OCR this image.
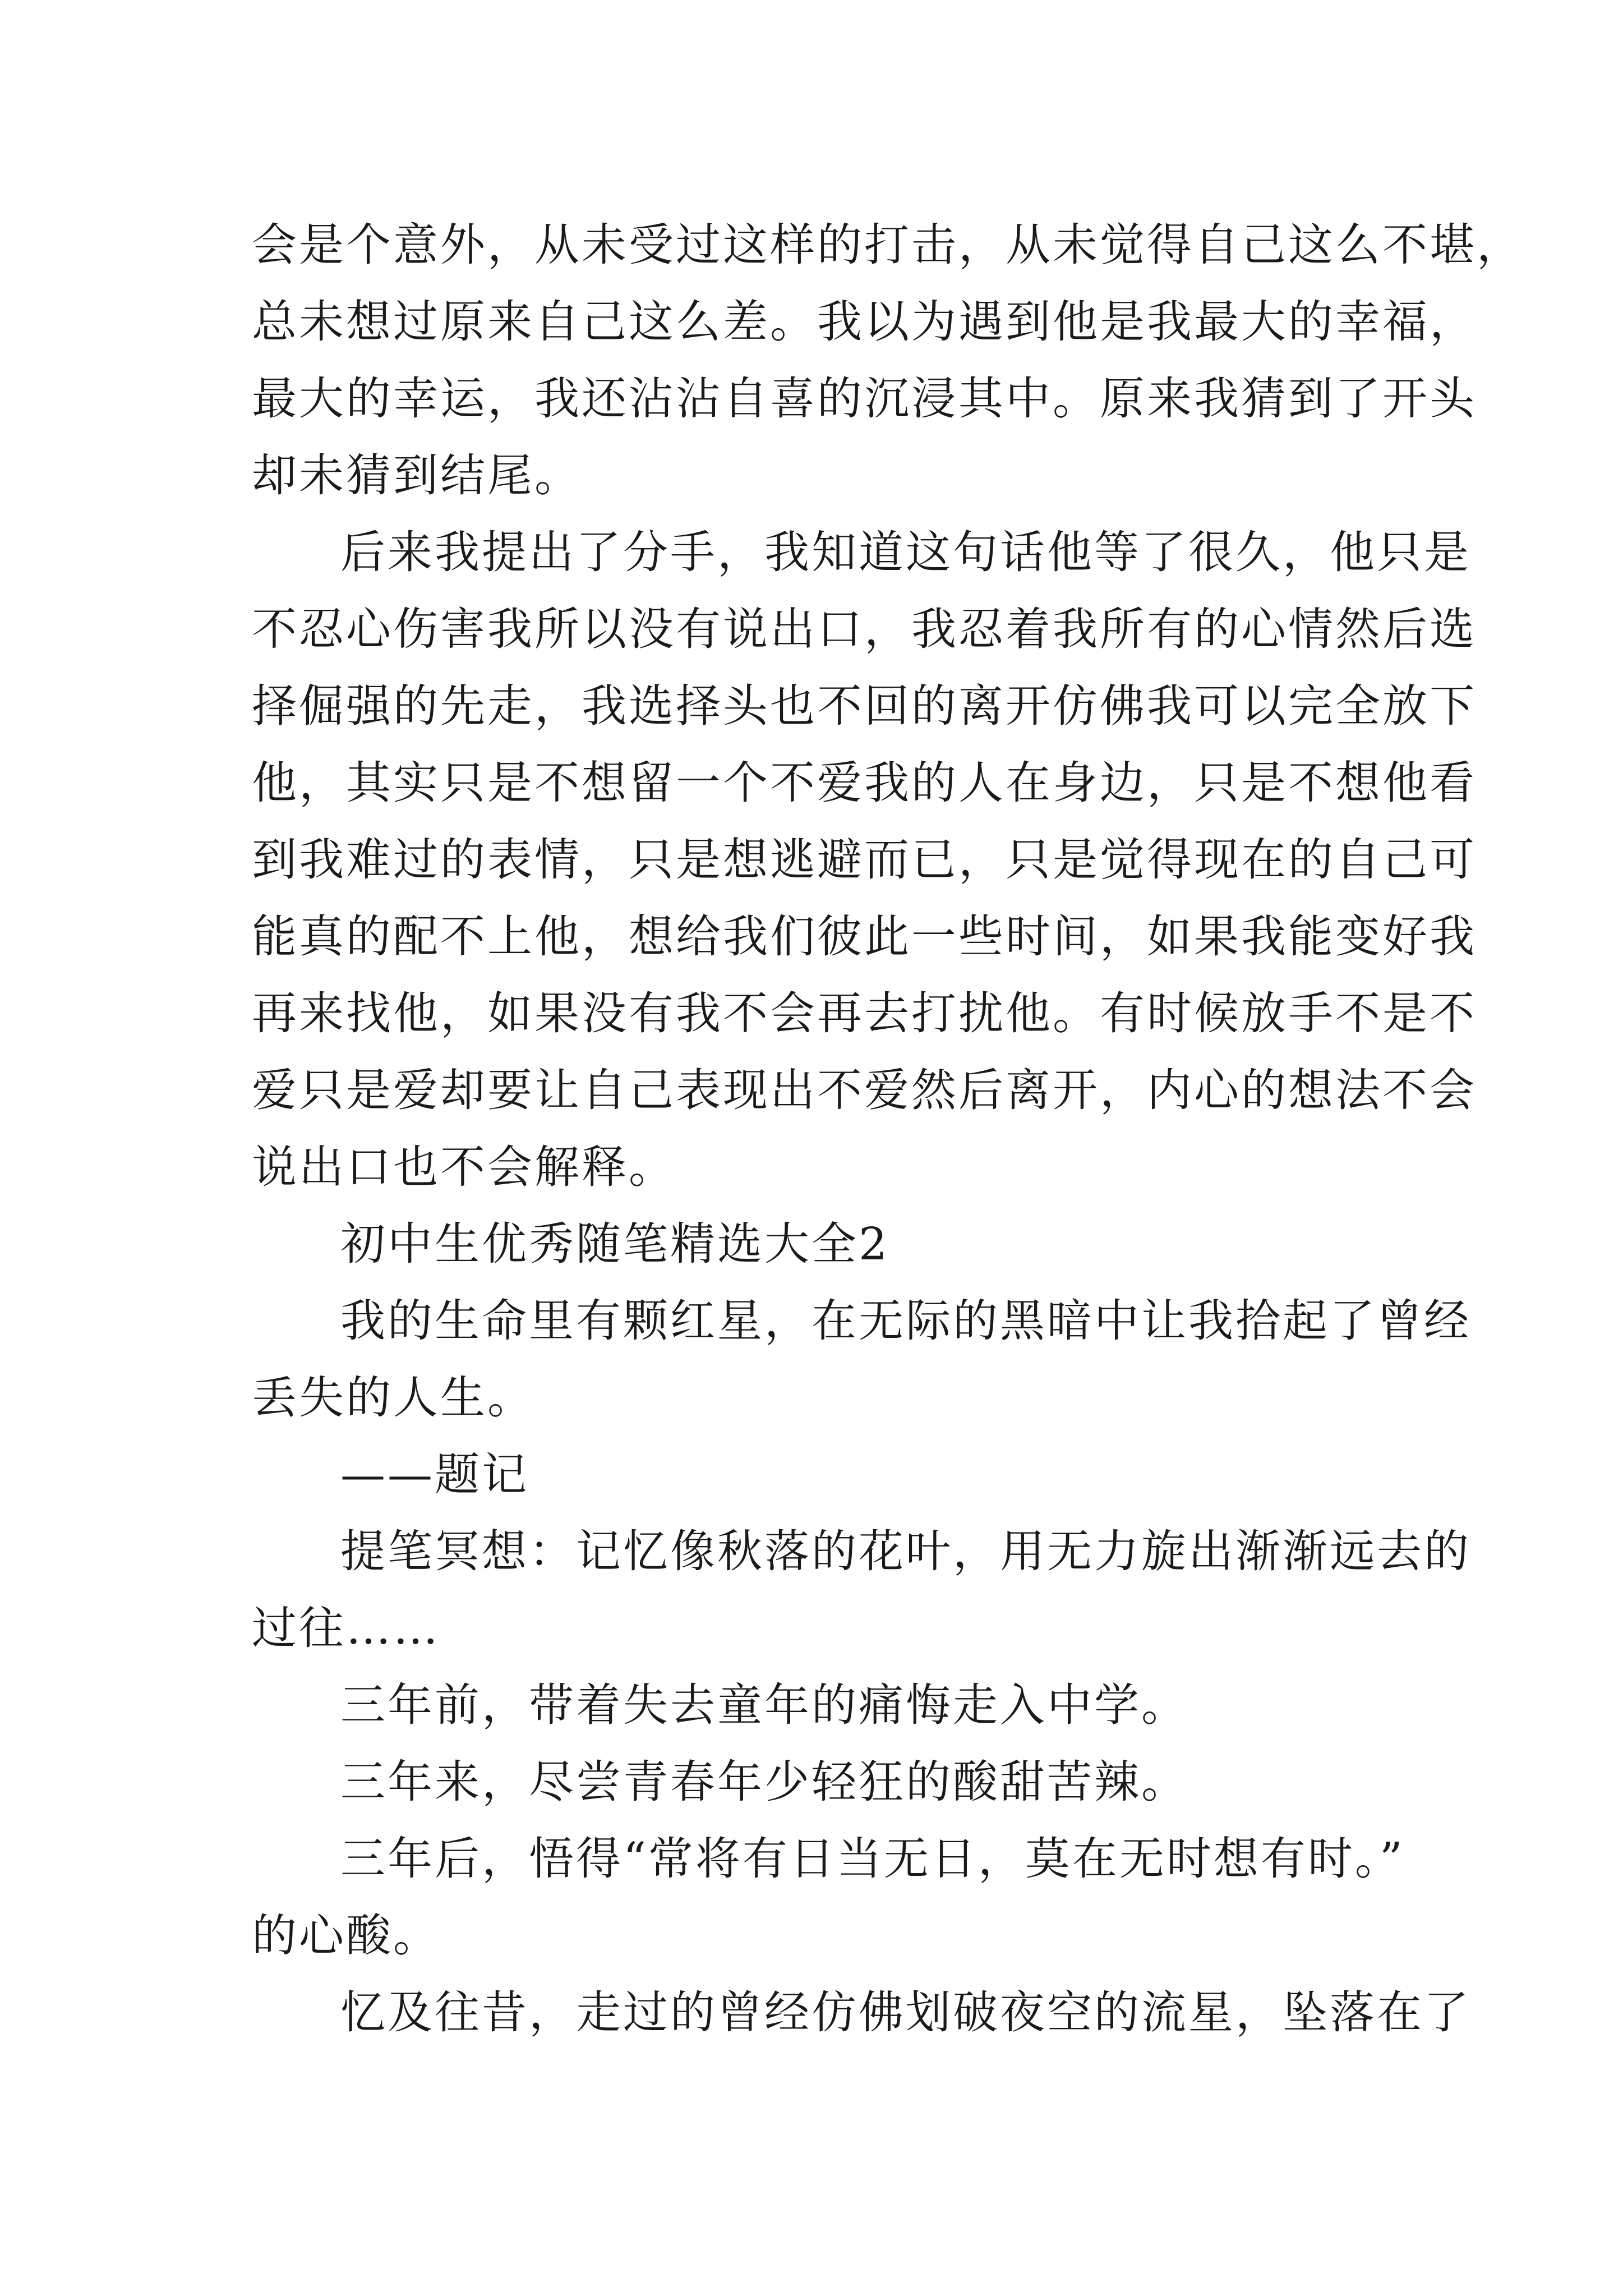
会是个意外，从未受过这样的打击，从未觉得自己这么不堪，
总未想过原来自己这么差。我以为遇到他是我最大的幸福，
最大的幸运，我还沾沾自喜的沉浸其中。原来我猜到了开头
却未猜到结尾。
后来我提出了分手，我知道这句话他等了很久，他只是
不忍心伤害我所以没有说出口，我忍着我所有的心情然后选
择倔强的先走，我选择头也不回的离开仿佛我可以完全放下
他，其实只是不想留一个不爱我的人在身边，只是不想他看
到我难过的表情，只是想逃避而已，只是觉得现在的自己可
能真的配不上他，想给我们彼此一些时间，如果我能变好我
再来找他，如果没有我不会再去打扰他。有时候放手不是不
爱只是爱却要让自己表现出不爱然后离开，内心的想法不会
说出口也不会解释。
初中生优秀随笔精选大全2
我的生命里有颗红星，在无际的黑暗中让我拾起了曾经
丢失的人生。
——题记
提笔冥想：记忆像秋落的花叶，用无力旋出渐渐远去的
过往……
三年前，带着失去童年的痛悔走入中学。
三年来，尽尝青春年少轻狂的酸甜苦辣。
三年后，悟得“常将有日当无日，莫在无时想有时。”
的心酸。
忆及往昔，走过的曾经仿佛划破夜空的流星，坠落在了
